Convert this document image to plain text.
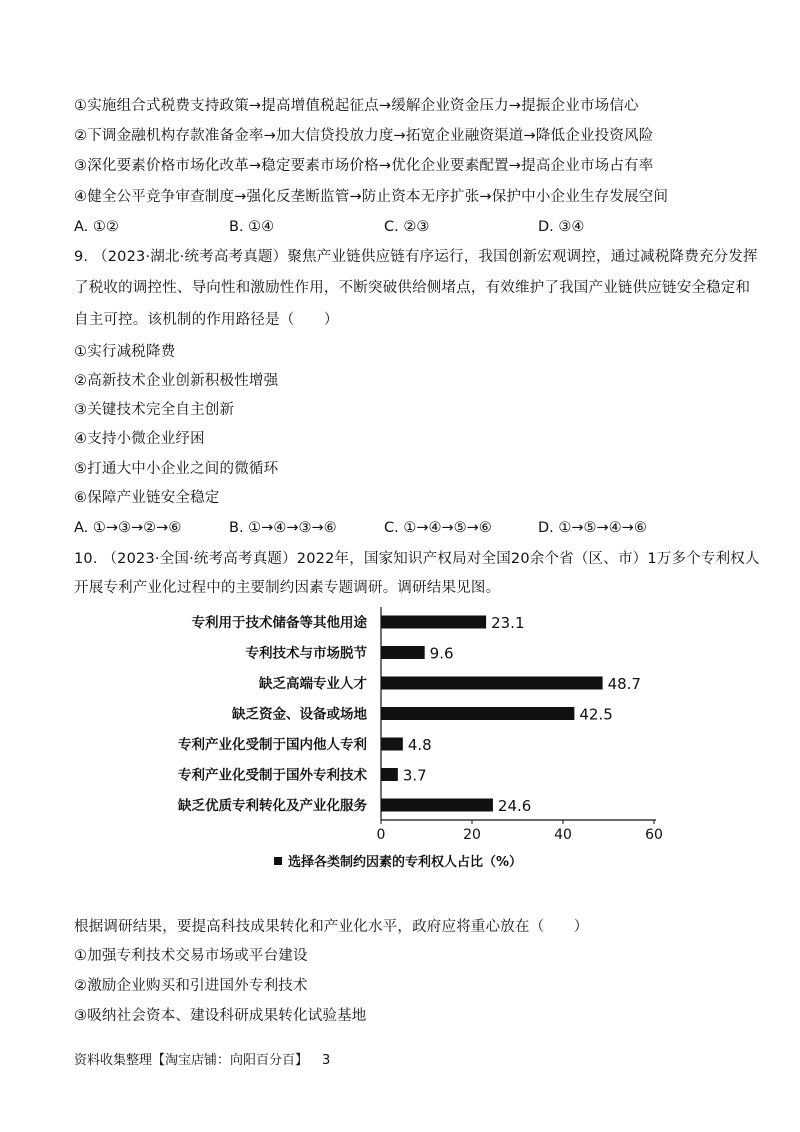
①实施组合式税费支持政策→提高增值税起征点→缓解企业资金压力→提振企业市场信心
②下调金融机构存款准备金率→加大信贷投放力度→拓宽企业融资渠道→降低企业投资风险
③深化要素价格市场化改革→稳定要素市场价格→优化企业要素配置→提高企业市场占有率
④健全公平竞争审查制度→强化反垄断监管→防止资本无序扩张→保护中小企业生存发展空间
A. ①②	B. ①④	C. ②③	D. ③④
9. （2023·湖北·统考高考真题）聚焦产业链供应链有序运行，我国创新宏观调控，通过减税降费充分发挥
了税收的调控性、导向性和激励性作用，不断突破供给侧堵点，有效维护了我国产业链供应链安全稳定和
自主可控。该机制的作用路径是（　　）
①实行减税降费
②高新技术企业创新积极性增强
③关键技术完全自主创新
④支持小微企业纾困
⑤打通大中小企业之间的微循环
⑥保障产业链安全稳定
A. ①→③→②→⑥	B. ①→④→③→⑥	C. ①→④→⑤→⑥	D. ①→⑤→④→⑥
10. （2023·全国·统考高考真题）2022年，国家知识产权局对全国20余个省（区、市）1万多个专利权人
开展专利产业化过程中的主要制约因素专题调研。调研结果见图。
专利用于技术储备等其他用途
专利技术与市场脱节
缺乏高端专业人才
缺乏资金、设备或场地
专利产业化受制于国内他人专利
专利产业化受制于国外专利技术
缺乏优质专利转化及产业化服务
23.1
9.6
48.7
42.5
4.8
3.7
24.6
0	20	40	60
选择各类制约因素的专利权人占比（%）
根据调研结果，要提高科技成果转化和产业化水平，政府应将重心放在（　　）
①加强专利技术交易市场或平台建设
②激励企业购买和引进国外专利技术
③吸纳社会资本、建设科研成果转化试验基地
资料收集整理【淘宝店铺：向阳百分百】 3
